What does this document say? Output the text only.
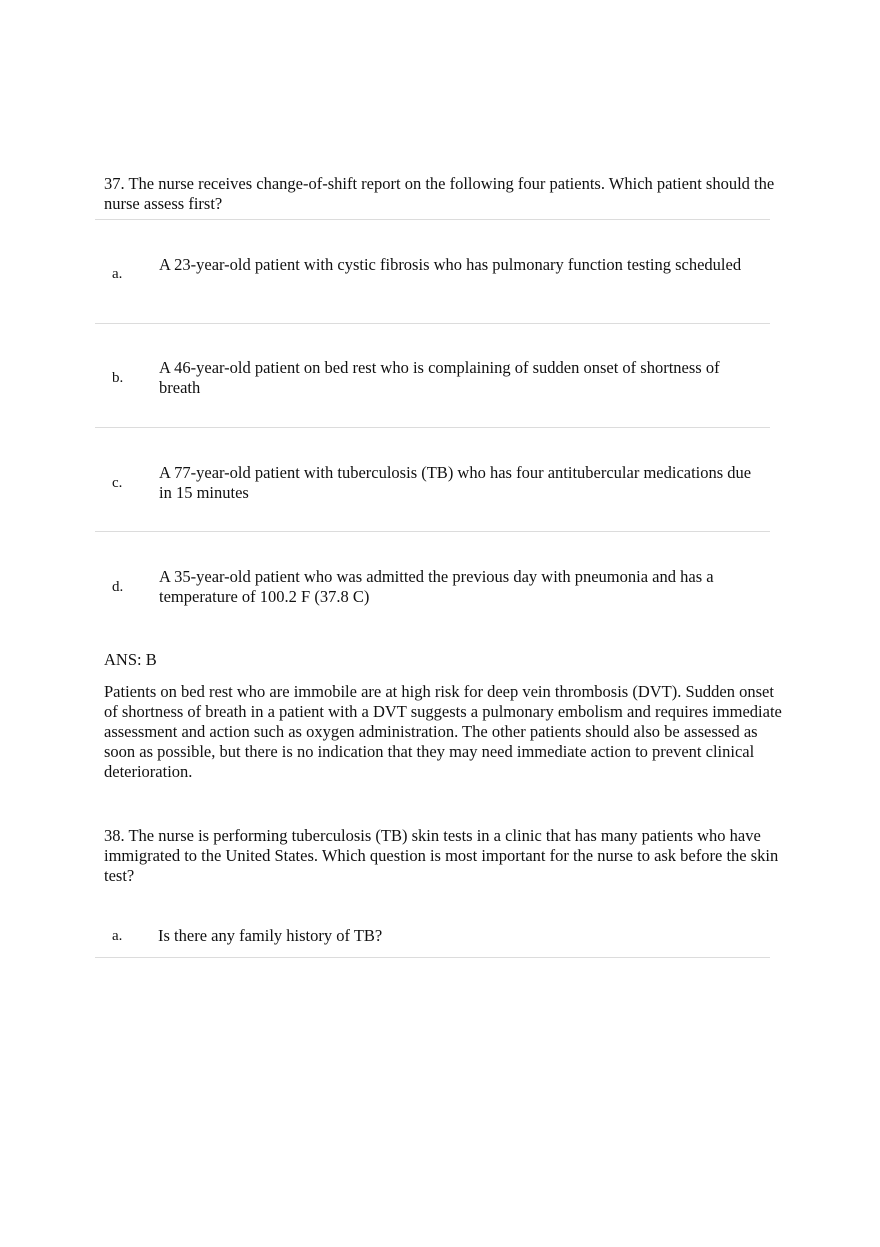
37. The nurse receives change-of-shift report on the following four patients. Which patient should the nurse assess first?

a. A 23-year-old patient with cystic fibrosis who has pulmonary function testing scheduled

b.

A 46-year-old patient on bed rest who is complaining of sudden onset of shortness of breath

c.

A 77-year-old patient with tuberculosis (TB) who has four antitubercular medications due in 15 minutes

d.

A 35-year-old patient who was admitted the previous day with pneumonia and has a temperature of 100.2 F (37.8 C)

ANS: B

Patients on bed rest who are immobile are at high risk for deep vein thrombosis (DVT). Sudden onset of shortness of breath in a patient with a DVT suggests a pulmonary embolism and requires immediate assessment and action such as oxygen administration. The other patients should also be assessed as soon as possible, but there is no indication that they may need immediate action to prevent clinical deterioration.

38. The nurse is performing tuberculosis (TB) skin tests in a clinic that has many patients who have immigrated to the United States. Which question is most important for the nurse to ask before the skin test?

a. Is there any family history of TB?
